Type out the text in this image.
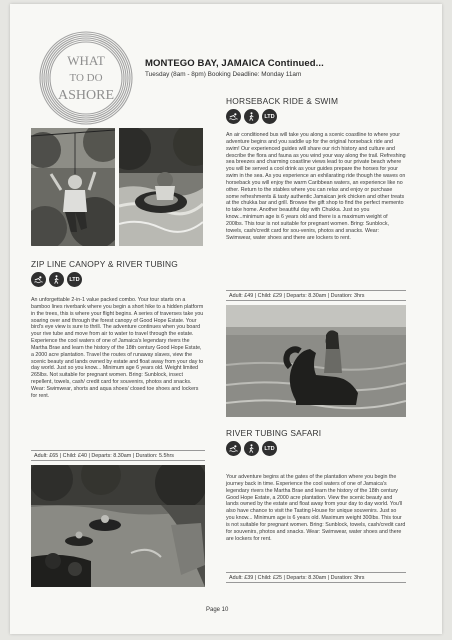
WHAT
TO DO
ASHORE
MONTEGO BAY, JAMAICA Continued...
Tuesday (8am - 8pm) Booking Deadline: Monday 11am
ZIP LINE CANOPY & RIVER TUBING
LTD

An unforgettable 2-in-1 value packed combo. Your tour starts on a bamboo lines riverbank where you begin a short hike to a hidden platform in the trees, this is where your flight begins. A series of traverses take you soaring over and through the forest canopy of Good Hope Estate. Your bird's eye view is sure to thrill. The adventure continues when you board your rive tube and move from air to water to travel through the estate. Experience the cool waters of one of Jamaica's legendary rivers the Martha Brae and learn the history of the 18th century Good Hope Estate, a 2000 acre plantation. Travel the routes of runaway slaves, view the scenic beauty and lands owned by estate and float away from your day to day world. Just so you know... Minimum age 6 years old. Weight limited 265lbs. Not suitable for pregnant women. Bring: Sunblock, insect repellent, towels, cash/ credit card for souvenirs, photos and snacks. Wear: Swimwear, shorts and aqua shoes/ closed toe shoes and lockers for rent.

Adult: £65 | Child: £40 | Departs: 8.30am | Duration: 5.5hrs
HORSEBACK RIDE & SWIM
LTD

An air conditioned bus will take you along a scenic coastline to where your adventure begins and you saddle up for the original horseback ride and swim! Our experienced guides will share our rich history and culture and describe the flora and fauna as you wind your way along the trail. Refreshing sea breezes and charming coastline views lead to our private beach where you will be served a cool drink as your guides prepare the horses for your swim in the sea. As you experience an exhilarating ride though the waves on horseback you will enjoy the warm Caribbean waters, an experience like no other. Return to the stables where you can relax and enjoy or purchase some refreshments & tasty authentic Jamaican jerk chicken and other treats at the chukka bar and grill. Browse the gift shop to find the perfect memento to take home. Another beautiful day with Chukka. Just so you know...minimum age is 6 years old and there is a maximum weight of 200lbs. This tour is not suitable for pregnant women. Bring: Sunblock, towels, cash/credit card for sou-venirs, photos and snacks. Wear: Swimwear, water shoes and there are lockers to rent.

Adult: £49 | Child: £29 | Departs: 8.30am | Duration: 3hrs
RIVER TUBING SAFARI
LTD

Your adventure begins at the gates of the plantation where you begin the journey back in time. Experience the cool waters of one of Jamaica's legendary rivers the Martha Brae and learn the history of the 18th century Good Hope Estate, a 2000 acre plantation. View the scenic beauty and lands owned by the estate and float away from your day to day world. You'll also have chance to visit the Tasting House for unique souvenirs. Just so you know... Minimum age is 6 years old. Maximum weight 300lbs. This tour is not suitable for pregnant women. Bring: Sunblock, towels, cash/credit card for souvenirs, photos and snacks. Wear: Swimwear, water shoes and there are lockers for rent.

Adult: £39 | Child: £25 | Departs: 8.30am | Duration: 3hrs
Page 10
